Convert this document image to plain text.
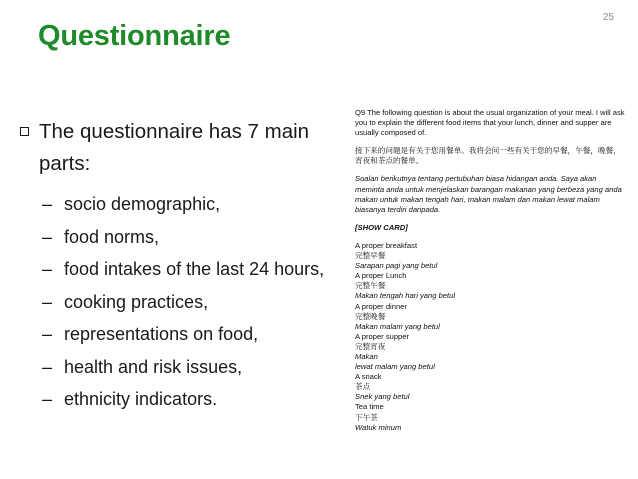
Questionnaire
25
The questionnaire has 7 main parts:
– socio demographic,
– food norms,
– food intakes of the last 24 hours,
– cooking practices,
– representations on food,
– health and risk issues,
– ethnicity indicators.
Q9 The following question is about the usual organization of your meal. I will ask you to explain the different food items that your lunch, dinner and supper are usually composed of.
接下来的问题是有关于您用餐单。我将会问一些有关于您的早餐，午餐，晚餐，宵夜和茶点的餐单。
Soalan berikutnya tentang pertubuhan biasa hidangan anda. Saya akan meminta anda untuk menjelaskan barangan makanan yang berbeza yang anda makan untuk makan tengah hari, makan malam dan makan lewat malam biasanya terdiri daripada.
[SHOW CARD]
A proper breakfast
完整早餐
Sarapan pagi yang betul
A proper Lunch
完整午餐
Makan tengah hari yang betul
A proper dinner
完整晚餐
Makan malam yang betul
A proper supper
完整宵夜
Makan
lewat malam yang betul
A snack
茶点
Snek yang betul
Tea time
下午茶
Watuk minum
